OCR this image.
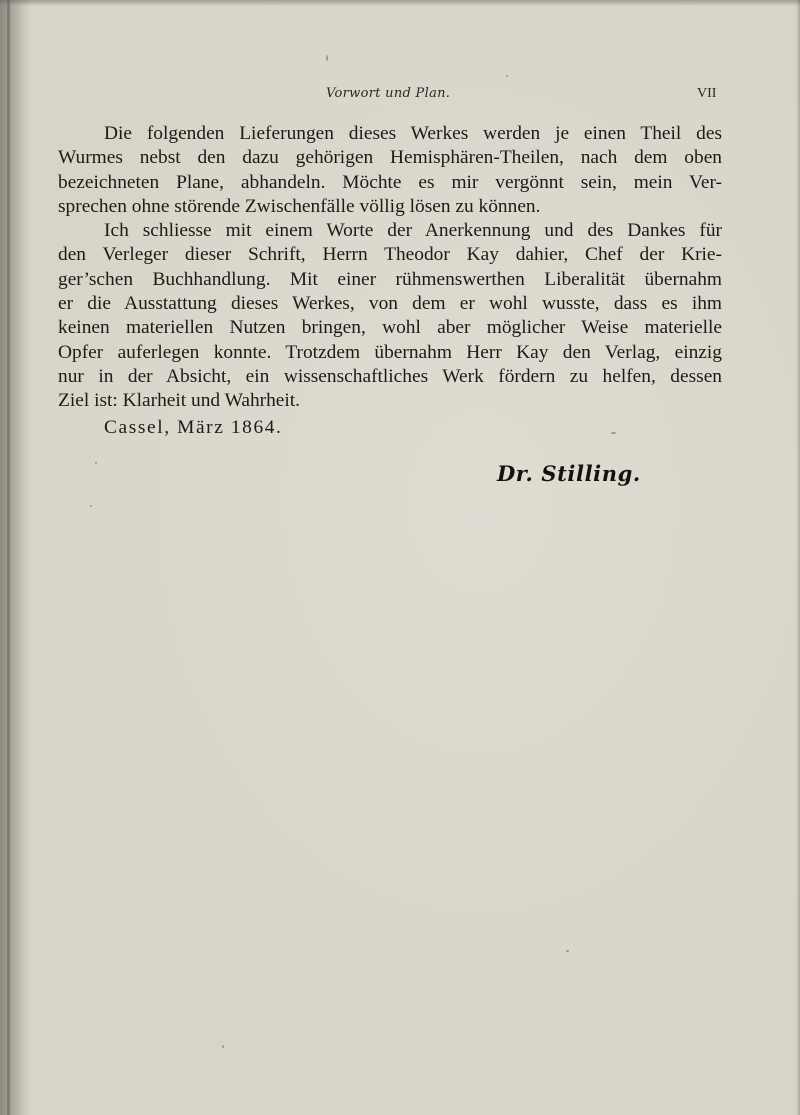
Vorwort und Plan.	VII
Die folgenden Lieferungen dieses Werkes werden je einen Theil des
Wurmes nebst den dazu gehörigen Hemisphären-Theilen, nach dem oben
bezeichneten Plane, abhandeln. Möchte es mir vergönnt sein, mein Ver-
sprechen ohne störende Zwischenfälle völlig lösen zu können.
Ich schliesse mit einem Worte der Anerkennung und des Dankes für
den Verleger dieser Schrift, Herrn Theodor Kay dahier, Chef der Krie-
ger’schen Buchhandlung. Mit einer rühmenswerthen Liberalität übernahm
er die Ausstattung dieses Werkes, von dem er wohl wusste, dass es ihm
keinen materiellen Nutzen bringen, wohl aber möglicher Weise materielle
Opfer auferlegen konnte. Trotzdem übernahm Herr Kay den Verlag, einzig
nur in der Absicht, ein wissenschaftliches Werk fördern zu helfen, dessen
Ziel ist: Klarheit und Wahrheit.
Cassel, März 1864.
Dr. Stilling.
